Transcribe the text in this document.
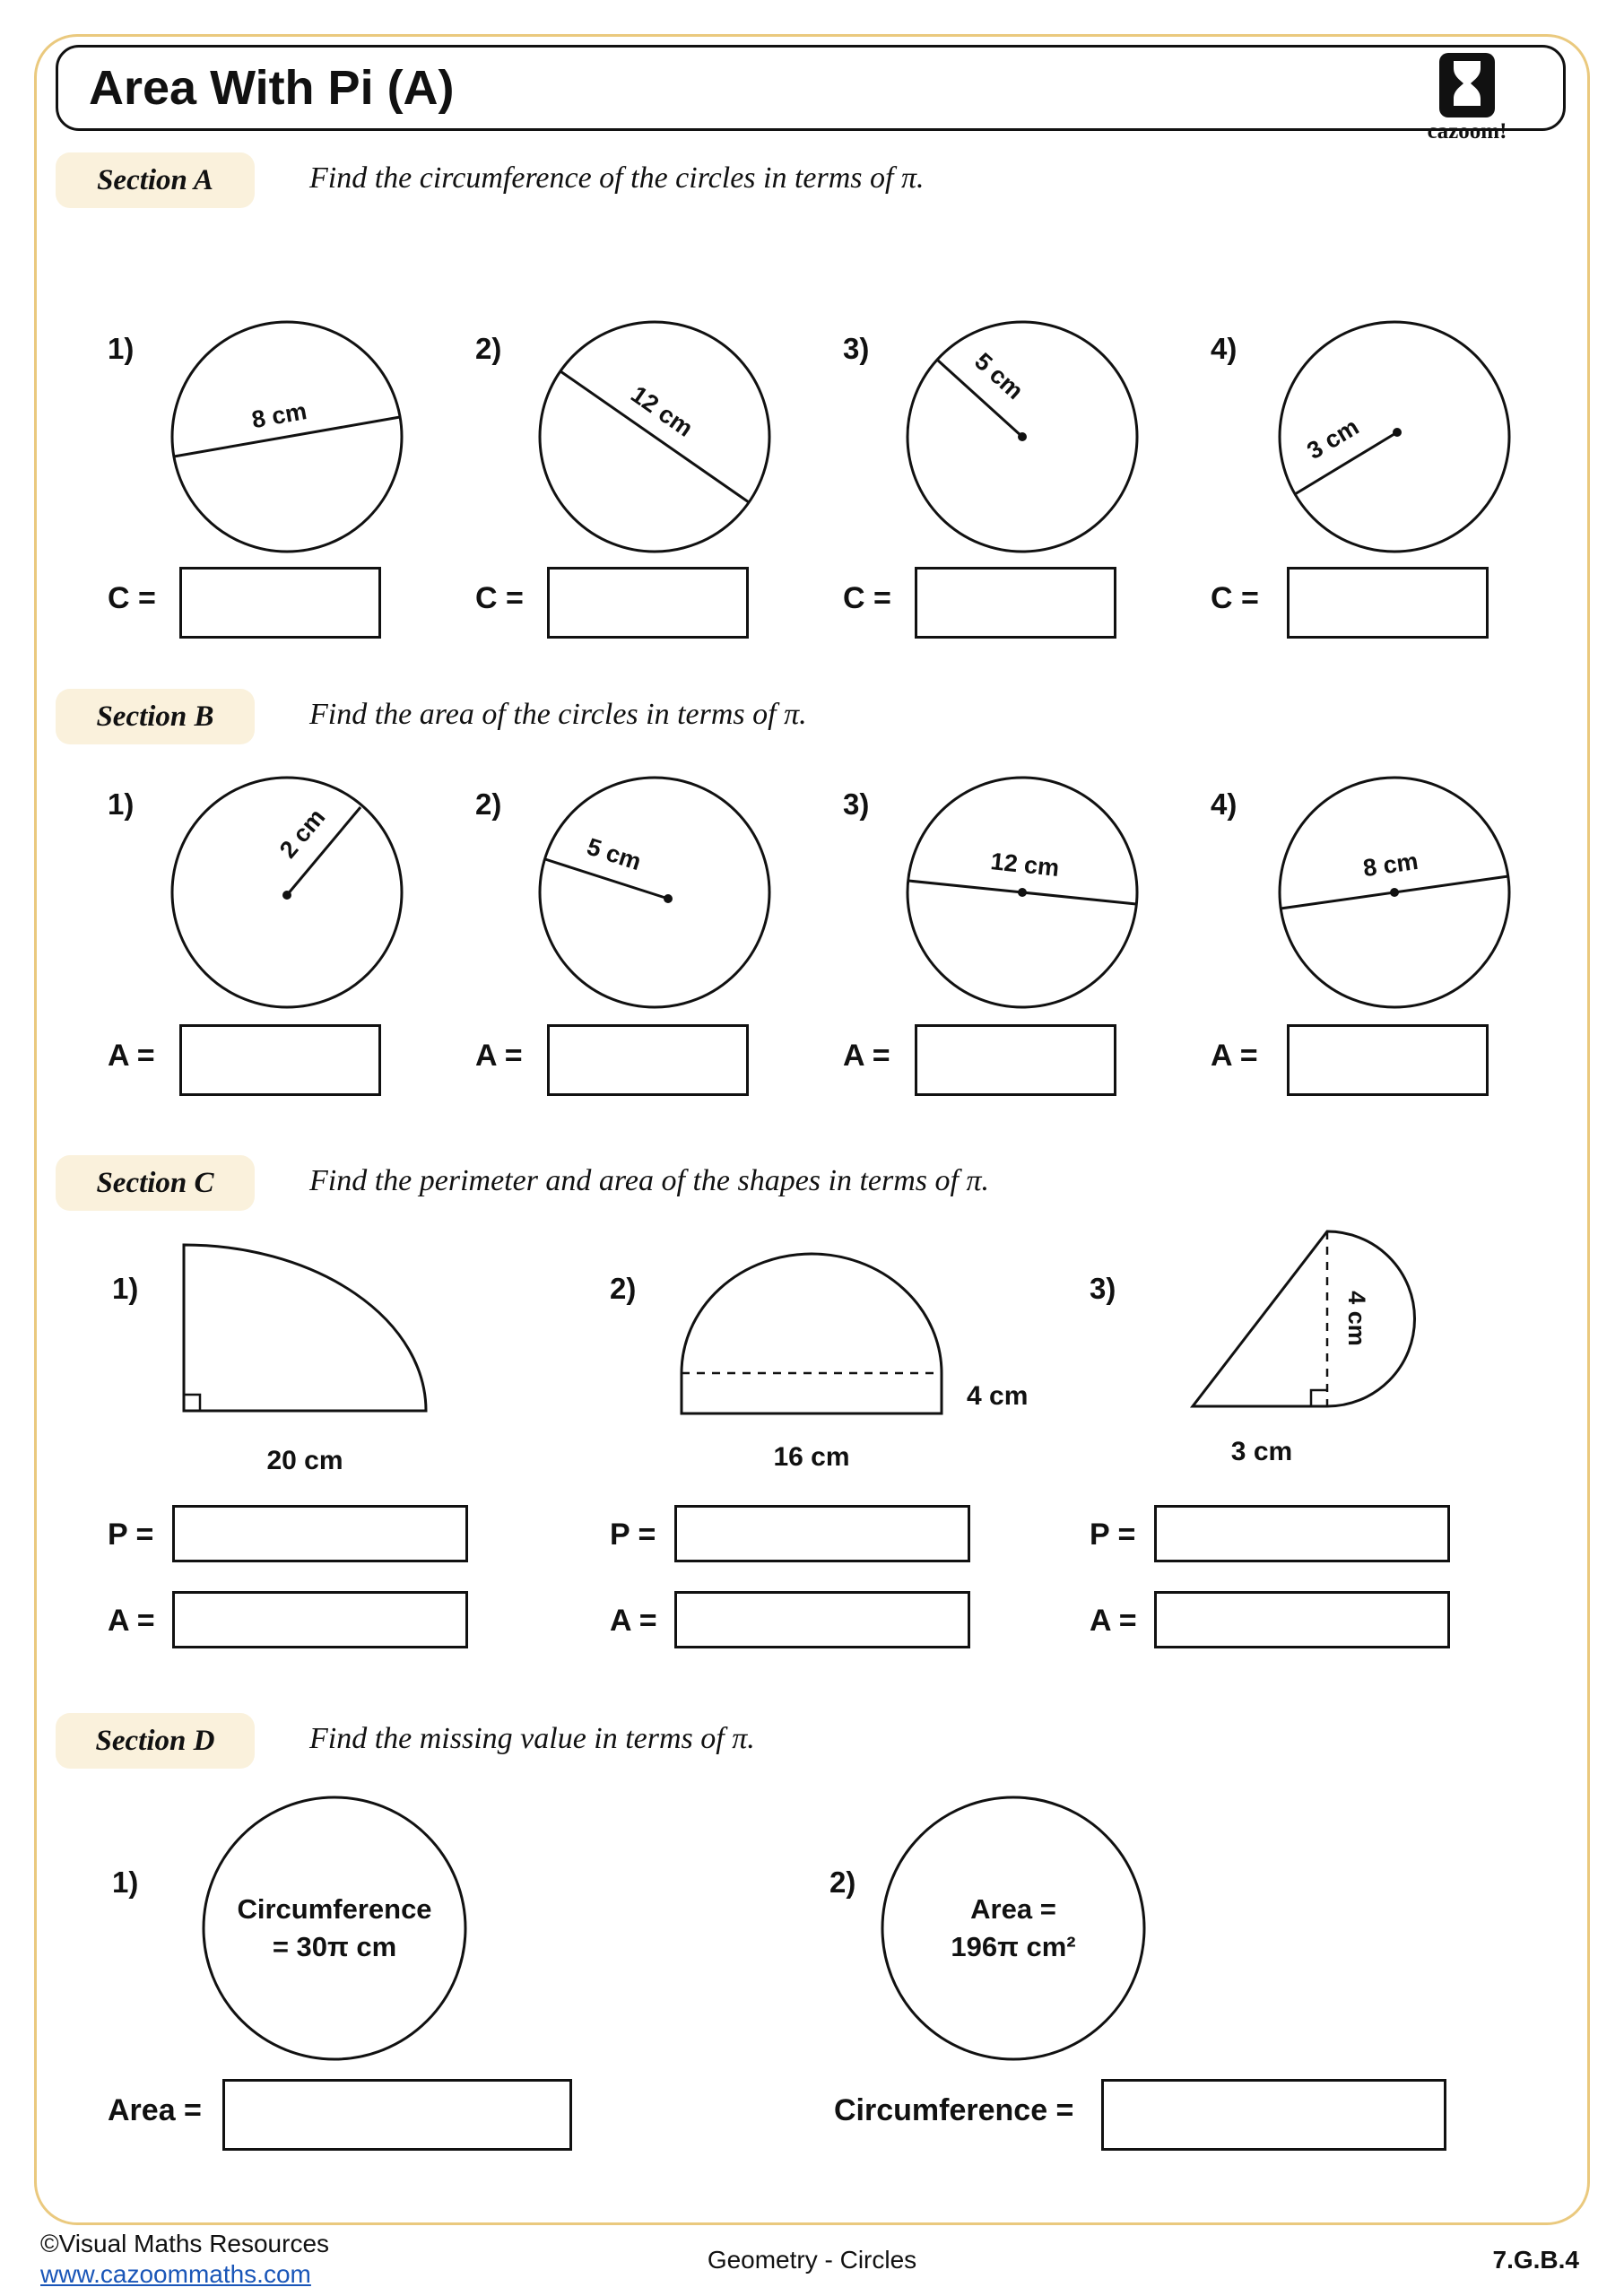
Area With Pi (A)
cazoom!
Section A	Find the circumference of the circles in terms of π.
1)	2)	3)	4)
8 cm	12 cm
5 cm
3 cm
C =	C =	C =	C =
Section B	Find the area of the circles in terms of π.
1)	2)	3)	4)
2 cm	5 cm	12 cm	8 cm
A =	A =	A =	A =
Section C	Find the perimeter and area of the shapes in terms of π.
1)	2)	3)
20 cm
4 cm
16 cm
4 cm
3 cm
P =	P =	P =
A =	A =	A =
Section D	Find the missing value in terms of π.
1)	2)
Circumference
= 30π cm
Area =
196π cm²
Area =	Circumference =
©Visual Maths Resources
www.cazoommaths.com
Geometry - Circles	7.G.B.4
